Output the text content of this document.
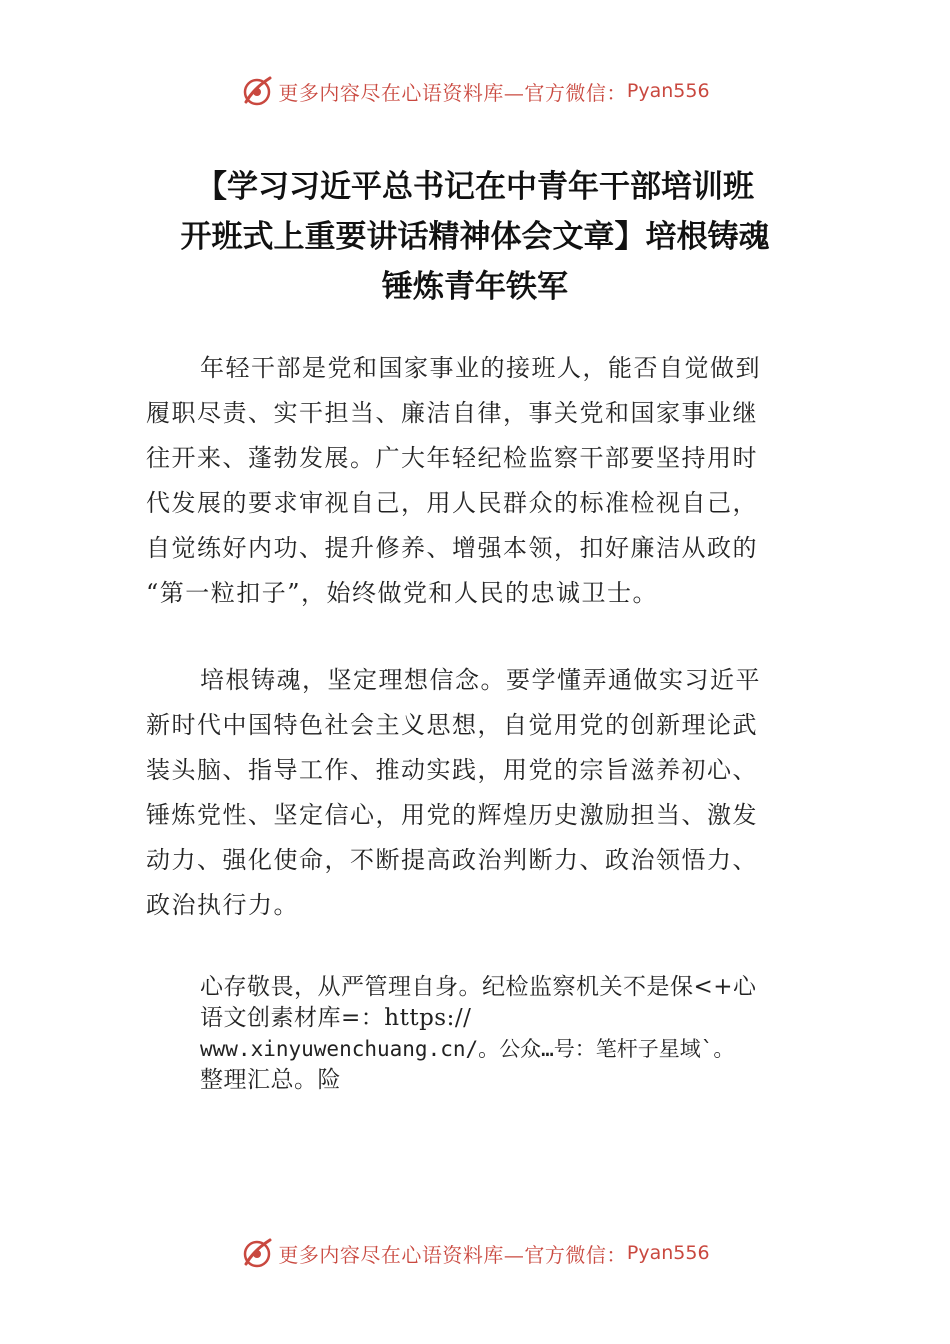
更多内容尽在心语资料库—官方微信： Pyan556
【学习习近平总书记在中青年干部培训班
开班式上重要讲话精神体会文章】培根铸魂
锤炼青年铁军
年轻干部是党和国家事业的接班人，能否自觉做到
履职尽责、实干担当、廉洁自律，事关党和国家事业继
往开来、蓬勃发展。广大年轻纪检监察干部要坚持用时
代发展的要求审视自己，用人民群众的标准检视自己，
自觉练好内功、提升修养、增强本领，扣好廉洁从政的
“第一粒扣子”，始终做党和人民的忠诚卫士。
培根铸魂，坚定理想信念。要学懂弄通做实习近平
新时代中国特色社会主义思想，自觉用党的创新理论武
装头脑、指导工作、推动实践，用党的宗旨滋养初心、
锤炼党性、坚定信心，用党的辉煌历史激励担当、激发
动力、强化使命，不断提高政治判断力、政治领悟力、
政治执行力。
心存敬畏，从严管理自身。纪检监察机关不是保<+心
语文创素材库=：https://
www.xinyuwenchuang.cn/。公众…号：笔杆子星域`。
整理汇总。险
更多内容尽在心语资料库—官方微信： Pyan556
